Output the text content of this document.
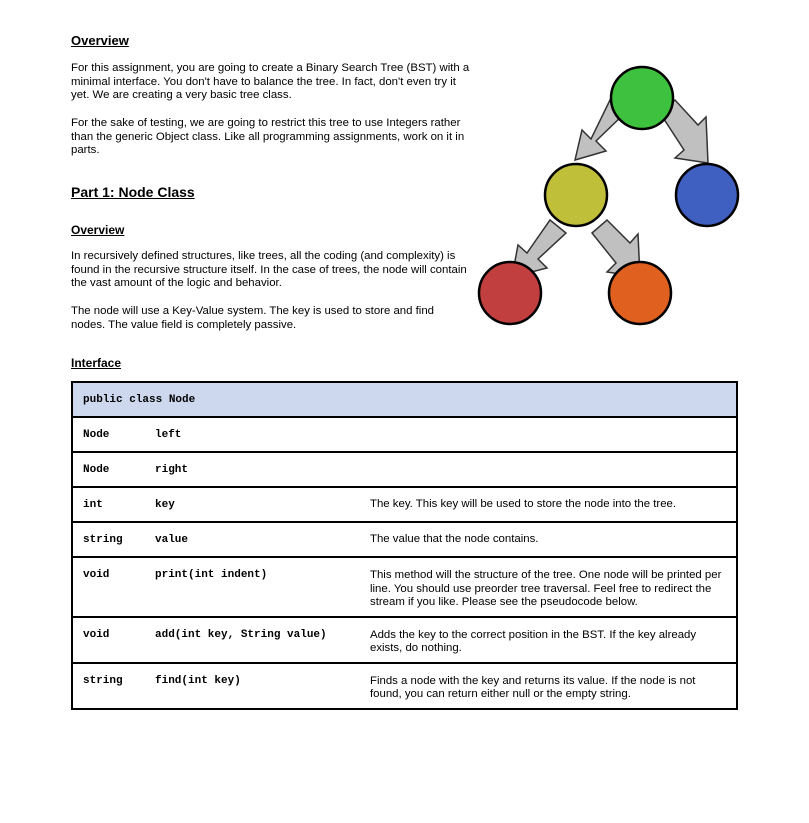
Overview

For this assignment, you are going to create a Binary Search Tree (BST) with a minimal interface. You don't have to balance the tree. In fact, don't even try it yet. We are creating a very basic tree class.

For the sake of testing, we are going to restrict this tree to use Integers rather than the generic Object class. Like all programming assignments, work on it in parts.

Part 1: Node Class
Overview

In recursively defined structures, like trees, all the coding (and complexity) is found in the recursive structure itself. In the case of trees, the node will contain the vast amount of the logic and behavior.

The node will use a Key-Value system. The key is used to store and find nodes. The value field is completely passive.

Interface
public class Node		
Node	left	
Node	right	
int	key	The key. This key will be used to store the node into the tree.
string	value	The value that the node contains.
void	print(int indent)	This method will the structure of the tree. One node will be printed per line. You should use preorder tree traversal. Feel free to redirect the stream if you like. Please see the pseudocode below.
void	add(int key, String value)	Adds the key to the correct position in the BST. If the key already exists, do nothing.
string	find(int key)	Finds a node with the key and returns its value. If the node is not found, you can return either null or the empty string.
